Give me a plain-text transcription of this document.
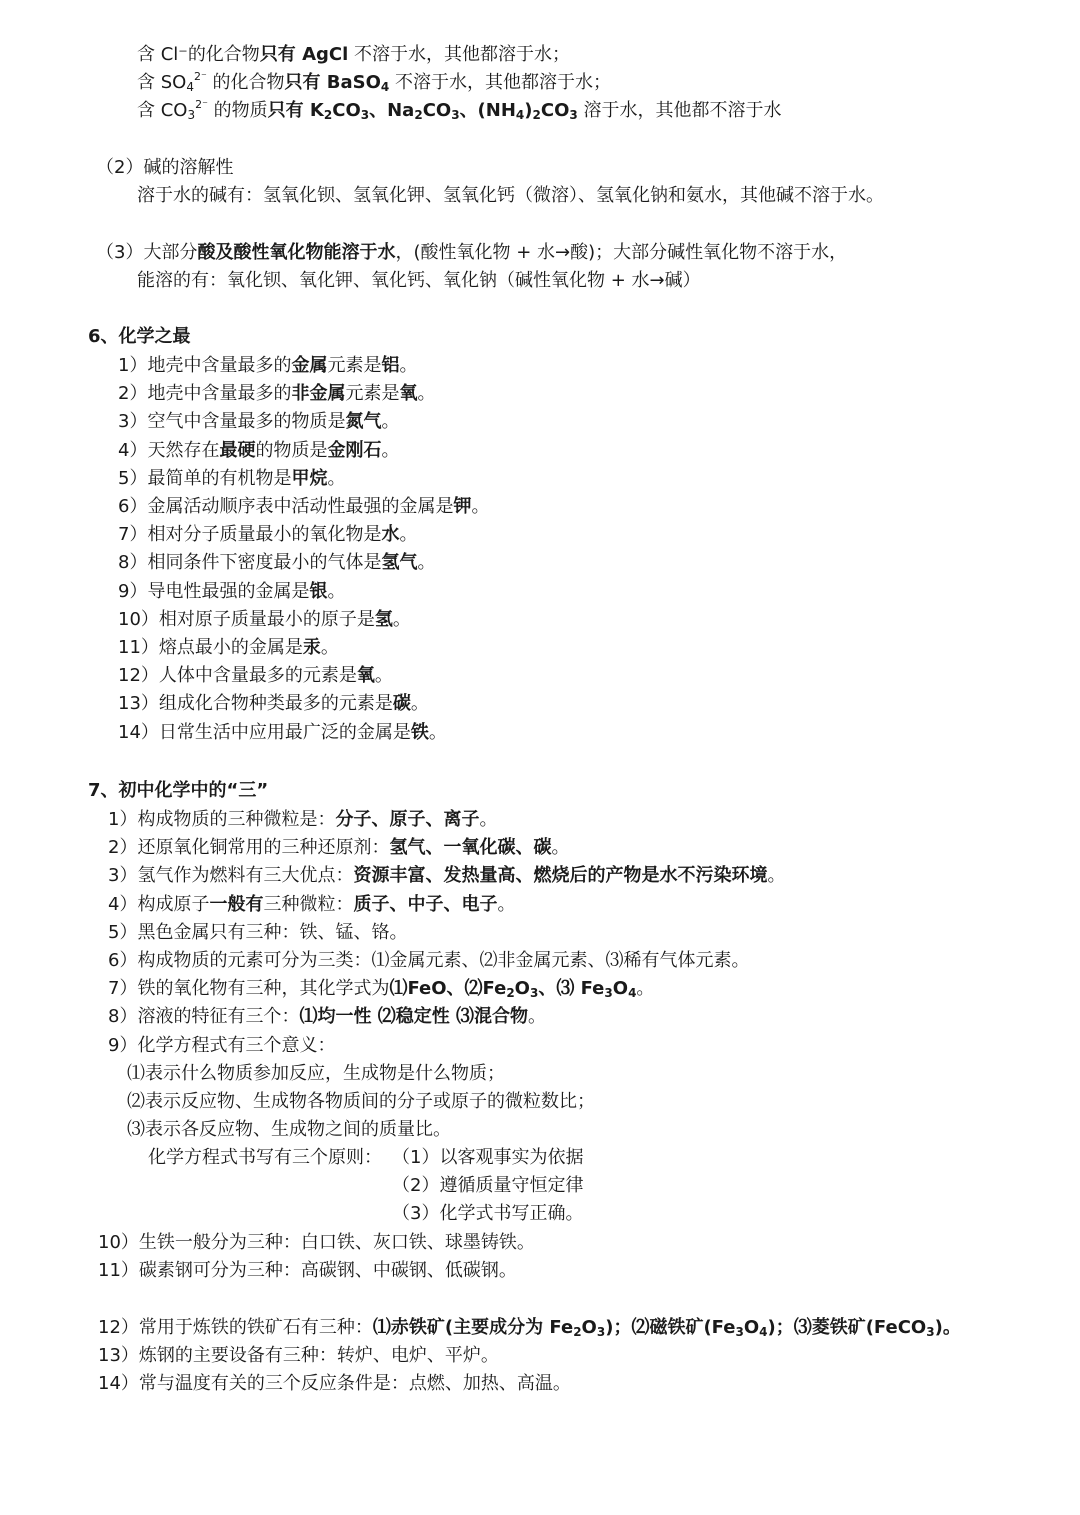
含 Cl⁻的化合物只有 AgCl 不溶于水，其他都溶于水；
含 $SO_4^{2^-}$ 的化合物只有 BaSO$_4$ 不溶于水，其他都溶于水；
含 $CO_3^{2^-}$ 的物质只有 $K_2CO_3$、$Na_2CO_3$、$(NH_4)_2CO_3$ 溶于水，其他都不溶于水
（2）碱的溶解性
溶于水的碱有：氢氧化钡、氢氧化钾、氢氧化钙（微溶）、氢氧化钠和氨水，其他碱不溶于水。
（3）大部分酸及酸性氧化物能溶于水，(酸性氧化物 + 水→酸)；大部分碱性氧化物不溶于水，
能溶的有：氧化钡、氧化钾、氧化钙、氧化钠（碱性氧化物 + 水→碱）
6、化学之最
1）地壳中含量最多的金属元素是铝。
2）地壳中含量最多的非金属元素是氧。
3）空气中含量最多的物质是氮气。
4）天然存在最硬的物质是金刚石。
5）最简单的有机物是甲烷。
6）金属活动顺序表中活动性最强的金属是钾。
7）相对分子质量最小的氧化物是水。
8）相同条件下密度最小的气体是氢气。
9）导电性最强的金属是银。
10）相对原子质量最小的原子是氢。
11）熔点最小的金属是汞。
12）人体中含量最多的元素是氧。
13）组成化合物种类最多的元素是碳。
14）日常生活中应用最广泛的金属是铁。
7、初中化学中的“三”
1）构成物质的三种微粒是：分子、原子、离子。
2）还原氧化铜常用的三种还原剂：氢气、一氧化碳、碳。
3）氢气作为燃料有三大优点：资源丰富、发热量高、燃烧后的产物是水不污染环境。
4）构成原子一般有三种微粒：质子、中子、电子。
5）黑色金属只有三种：铁、锰、铬。
6）构成物质的元素可分为三类：⑴金属元素、⑵非金属元素、⑶稀有气体元素。
7）铁的氧化物有三种，其化学式为⑴FeO、$⑵Fe_2O_3$、⑶ $Fe_3O_4$。
8）溶液的特征有三个：⑴均一性 ⑵稳定性 ⑶混合物。
9）化学方程式有三个意义：
⑴表示什么物质参加反应，生成物是什么物质；
⑵表示反应物、生成物各物质间的分子或原子的微粒数比；
⑶表示各反应物、生成物之间的质量比。
化学方程式书写有三个原则： （1）以客观事实为依据
（2）遵循质量守恒定律
（3）化学式书写正确。
10）生铁一般分为三种：白口铁、灰口铁、球墨铸铁。
11）碳素钢可分为三种：高碳钢、中碳钢、低碳钢。
12）常用于炼铁的铁矿石有三种：⑴赤铁矿(主要成分为 $Fe_2O_3$)；⑵磁铁矿$(Fe_3O_4)$；⑶菱铁矿(FeCO$_3$)。
13）炼钢的主要设备有三种：转炉、电炉、平炉。
14）常与温度有关的三个反应条件是：点燃、加热、高温。
